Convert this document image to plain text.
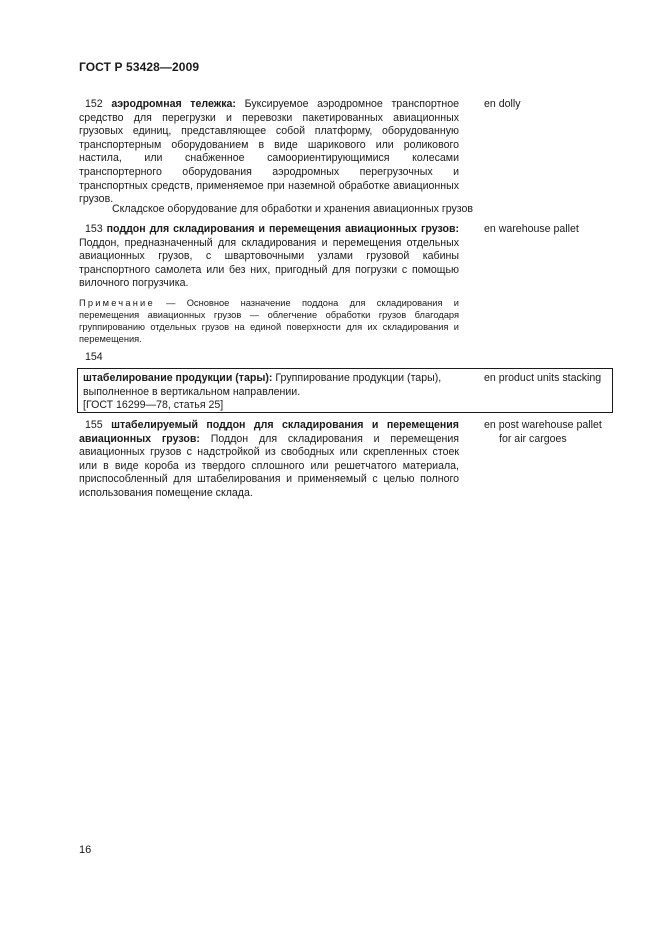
ГОСТ Р 53428—2009
152 аэродромная тележка: Буксируемое аэродромное транспортное средство для перегрузки и перевозки пакетированных авиационных грузовых единиц, представляющее собой платформу, оборудованную транспортерным оборудованием в виде шарикового или роликового настила, или снабженное самоориентирующимися колесами транспортерного оборудования аэродромных перегрузочных и транспортных средств, применяемое при наземной обработке авиационных грузов.
en dolly
Складское оборудование для обработки и хранения авиационных грузов
153 поддон для складирования и перемещения авиационных грузов: Поддон, предназначенный для складирования и перемещения отдельных авиационных грузов, с швартовочными узлами грузовой кабины транспортного самолета или без них, пригодный для погрузки с помощью вилочного погрузчика.
en warehouse pallet
Примечание — Основное назначение поддона для складирования и перемещения авиационных грузов — облегчение обработки грузов благодаря группированию отдельных грузов на единой поверхности для их складирования и перемещения.
154
штабелирование продукции (тары): Группирование продукции (тары), выполненное в вертикальном направлении.
[ГОСТ 16299—78, статья 25]
en product units stacking
155 штабелируемый поддон для складирования и перемещения авиационных грузов: Поддон для складирования и перемещения авиационных грузов с надстройкой из свободных или скрепленных стоек или в виде короба из твердого сплошного или решетчатого материала, приспособленный для штабелирования и применяемый с целью полного использования помещение склада.
en post warehouse pallet
for air cargoes
16
